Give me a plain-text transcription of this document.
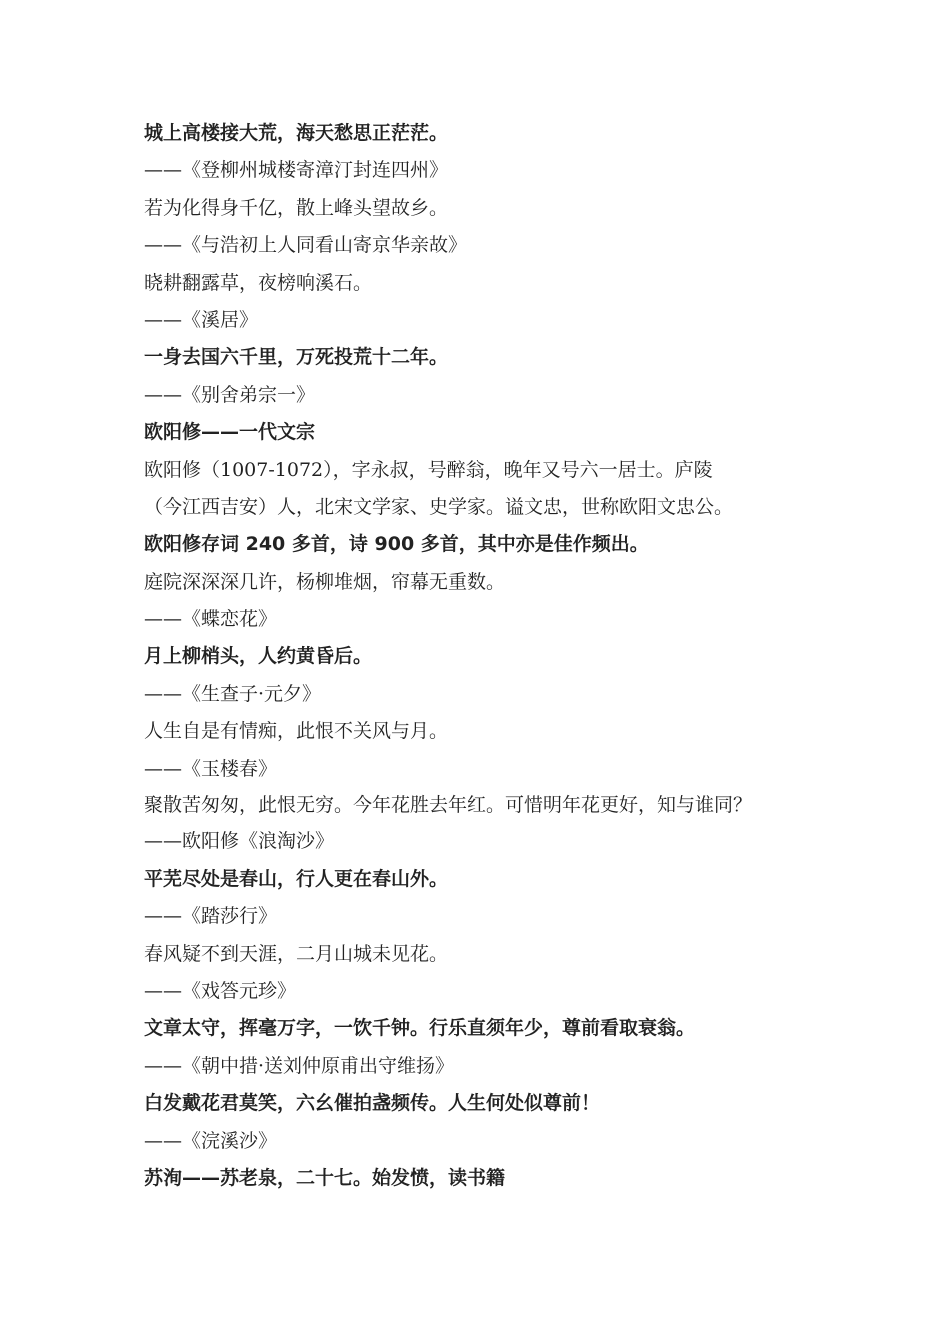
城上高楼接大荒，海天愁思正茫茫。

——《登柳州城楼寄漳汀封连四州》

若为化得身千亿，散上峰头望故乡。

——《与浩初上人同看山寄京华亲故》

晓耕翻露草，夜榜响溪石。

——《溪居》

一身去国六千里，万死投荒十二年。

——《别舍弟宗一》

欧阳修——一代文宗

欧阳修（1007-1072），字永叔，号醉翁，晚年又号六一居士。庐陵

（今江西吉安）人，北宋文学家、史学家。谥文忠，世称欧阳文忠公。

欧阳修存词 240 多首，诗 900 多首，其中亦是佳作频出。

庭院深深深几许，杨柳堆烟，帘幕无重数。

——《蝶恋花》

月上柳梢头，人约黄昏后。

——《生查子·元夕》

人生自是有情痴，此恨不关风与月。

——《玉楼春》

聚散苦匆匆，此恨无穷。今年花胜去年红。可惜明年花更好，知与谁同？

——欧阳修《浪淘沙》

平芜尽处是春山，行人更在春山外。

——《踏莎行》

春风疑不到天涯，二月山城未见花。

——《戏答元珍》

文章太守，挥毫万字，一饮千钟。行乐直须年少，尊前看取衰翁。

——《朝中措·送刘仲原甫出守维扬》

白发戴花君莫笑，六幺催拍盏频传。人生何处似尊前！

——《浣溪沙》

苏洵——苏老泉，二十七。始发愤，读书籍
